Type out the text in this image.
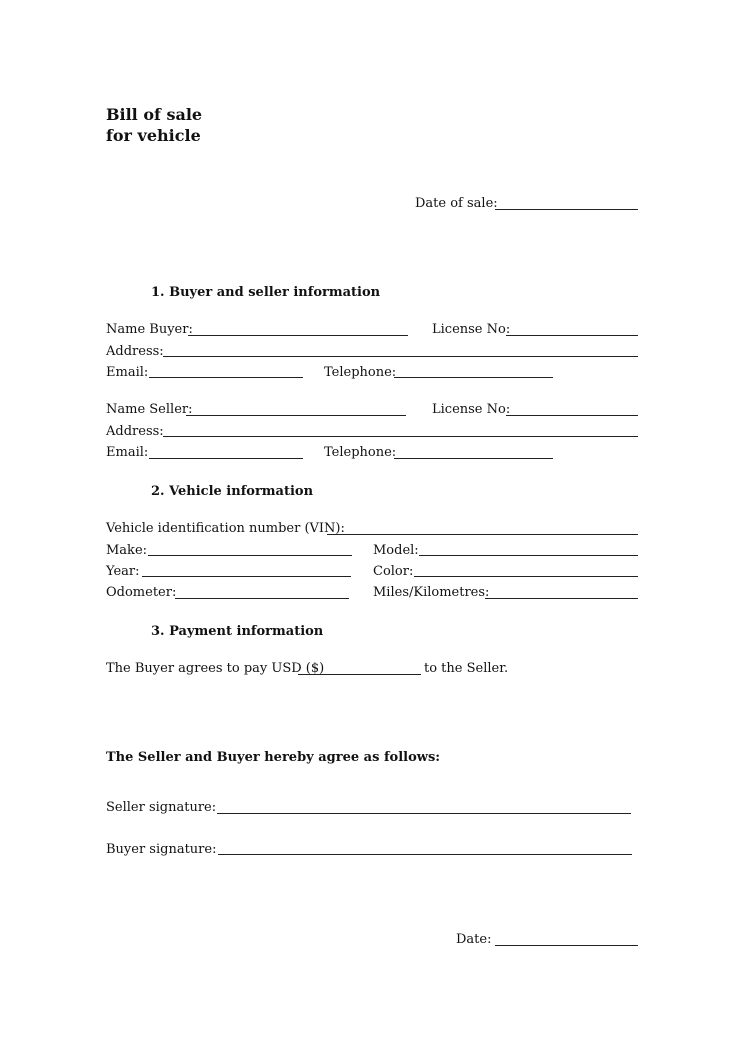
Bill of sale
for vehicle
Date of sale:
1. Buyer and seller information
Name Buyer:	License No:
Address:
Email:	Telephone:
Name Seller:	License No:
Address:
Email:	Telephone:
2. Vehicle information
Vehicle identification number (VIN):
Make:	Model:
Year:	Color:
Odometer:	Miles/Kilometres:
3. Payment information
The Buyer agrees to pay USD ($)	to the Seller.
The Seller and Buyer hereby agree as follows:
Seller signature:
Buyer signature:
Date:
